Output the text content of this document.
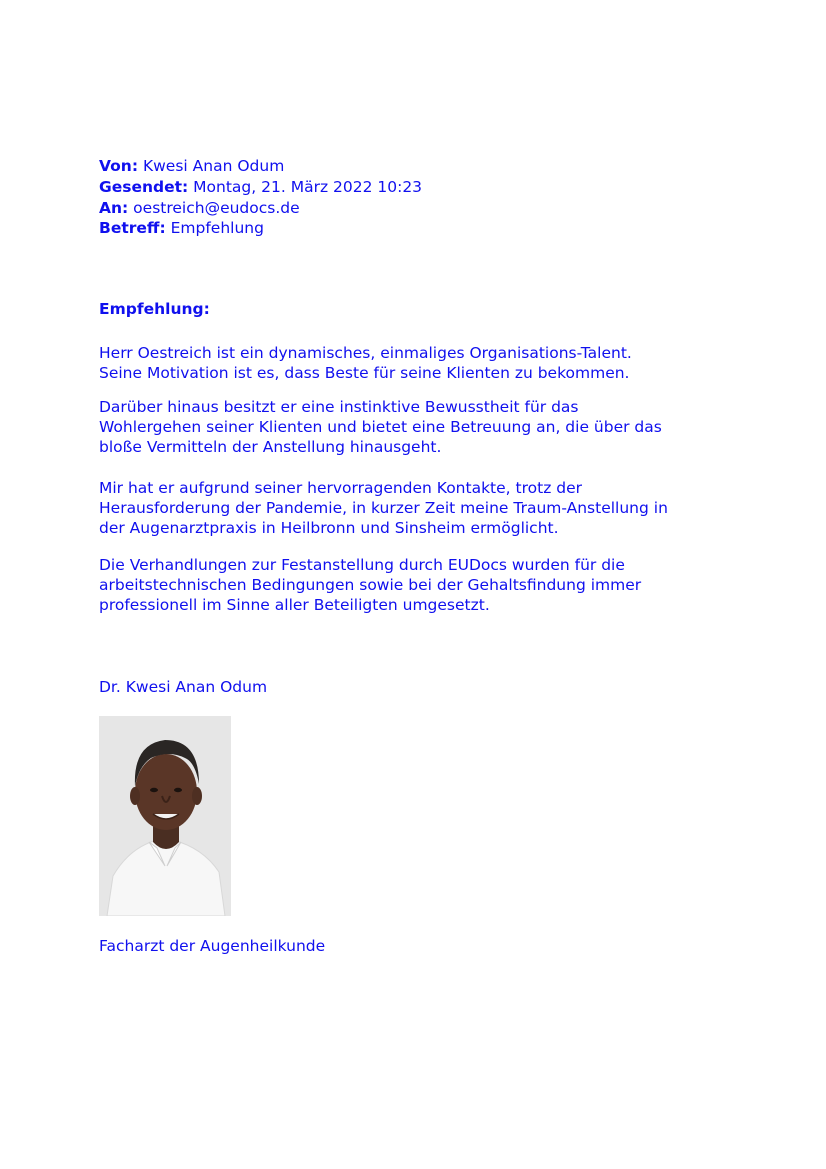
Von: Kwesi Anan Odum
Gesendet: Montag, 21. März 2022 10:23
An: oestreich@eudocs.de
Betreff: Empfehlung
Empfehlung:
Herr Oestreich ist ein dynamisches, einmaliges Organisations-Talent.
Seine Motivation ist es, dass Beste für seine Klienten zu bekommen.
Darüber hinaus besitzt er eine instinktive Bewusstheit für das
Wohlergehen seiner Klienten und bietet eine Betreuung an, die über das
bloße Vermitteln der Anstellung hinausgeht.
Mir hat er aufgrund seiner hervorragenden Kontakte, trotz der
Herausforderung der Pandemie, in kurzer Zeit meine Traum-Anstellung in
der Augenarztpraxis in Heilbronn und Sinsheim ermöglicht.
Die Verhandlungen zur Festanstellung durch EUDocs wurden für die
arbeitstechnischen Bedingungen sowie bei der Gehaltsfindung immer
professionell im Sinne aller Beteiligten umgesetzt.
Dr. Kwesi Anan Odum
Facharzt der Augenheilkunde
